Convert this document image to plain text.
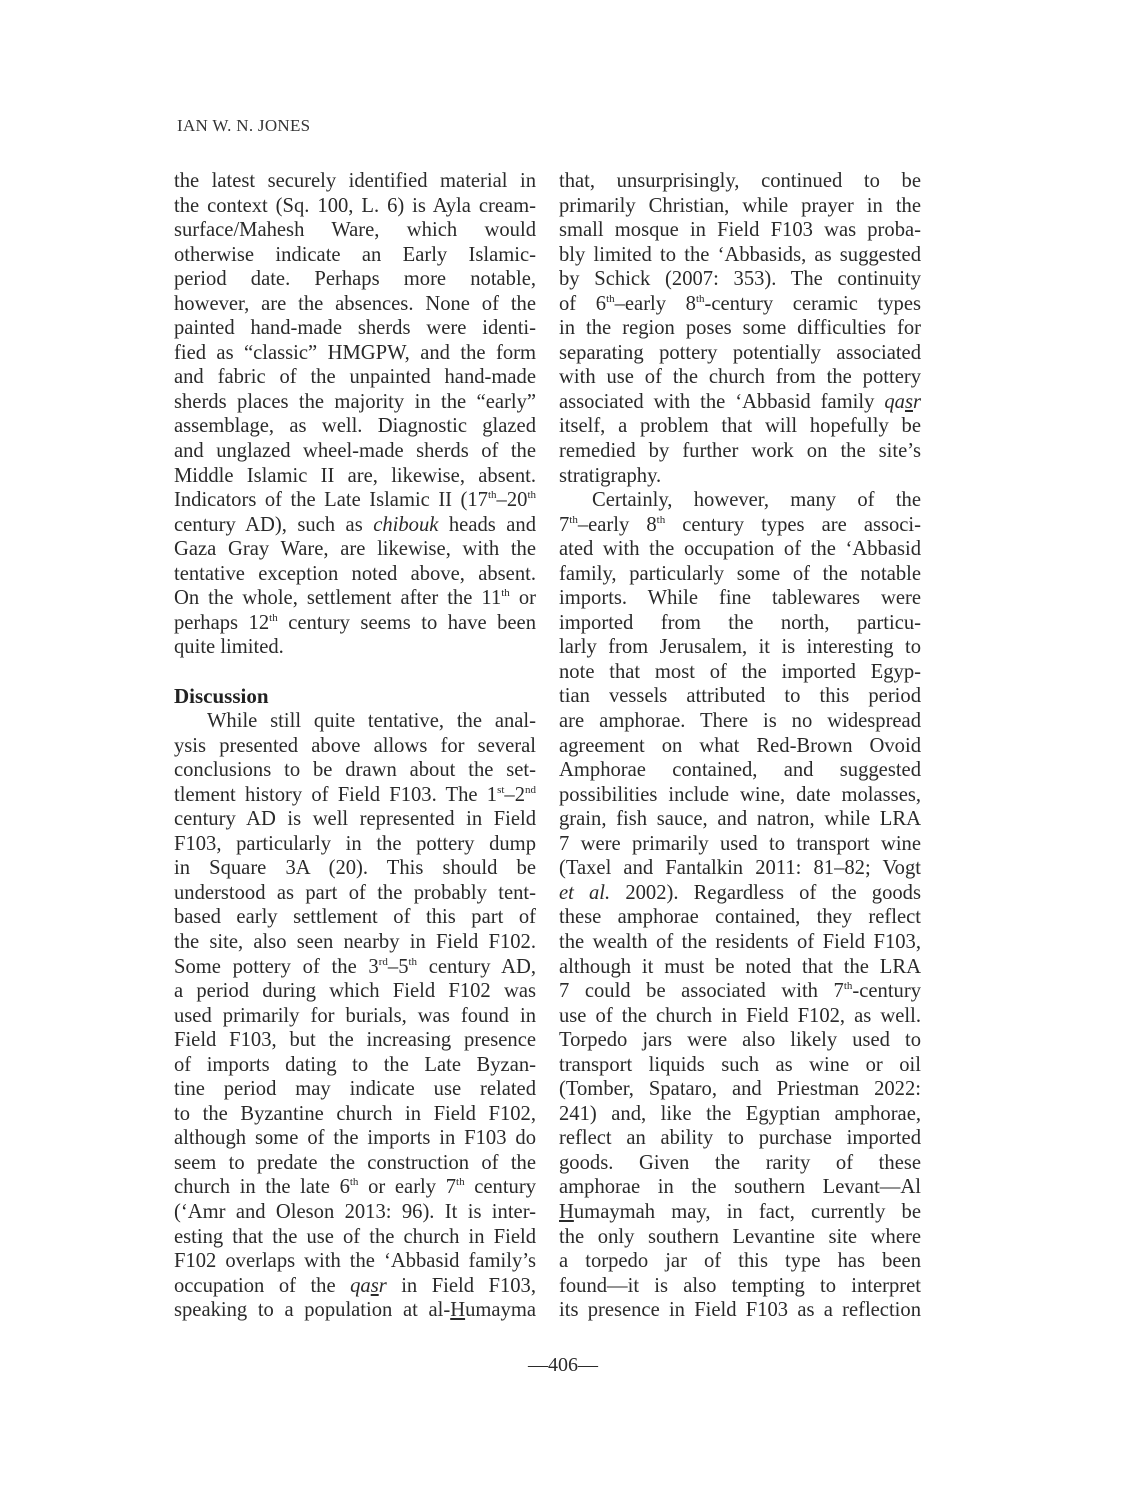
IAN W. N. JONES
the latest securely identified material in
the context (Sq. 100, L. 6) is Ayla cream-
surface/Mahesh Ware, which would
otherwise indicate an Early Islamic-
period date. Perhaps more notable,
however, are the absences. None of the
painted hand-made sherds were identi-
fied as “classic” HMGPW, and the form
and fabric of the unpainted hand-made
sherds places the majority in the “early”
assemblage, as well. Diagnostic glazed
and unglazed wheel-made sherds of the
Middle Islamic II are, likewise, absent.
Indicators of the Late Islamic II (17th–20th
century AD), such as chibouk heads and
Gaza Gray Ware, are likewise, with the
tentative exception noted above, absent.
On the whole, settlement after the 11th or
perhaps 12th century seems to have been
quite limited.
Discussion
While still quite tentative, the anal-
ysis presented above allows for several
conclusions to be drawn about the set-
tlement history of Field F103. The 1st–2nd
century AD is well represented in Field
F103, particularly in the pottery dump
in Square 3A (20). This should be
understood as part of the probably tent-
based early settlement of this part of
the site, also seen nearby in Field F102.
Some pottery of the 3rd–5th century AD,
a period during which Field F102 was
used primarily for burials, was found in
Field F103, but the increasing presence
of imports dating to the Late Byzan-
tine period may indicate use related
to the Byzantine church in Field F102,
although some of the imports in F103 do
seem to predate the construction of the
church in the late 6th or early 7th century
(‘Amr and Oleson 2013: 96). It is inter-
esting that the use of the church in Field
F102 overlaps with the ‘Abbasid family’s
occupation of the qasr in Field F103,
speaking to a population at al-Humayma
that, unsurprisingly, continued to be
primarily Christian, while prayer in the
small mosque in Field F103 was proba-
bly limited to the ‘Abbasids, as suggested
by Schick (2007: 353). The continuity
of 6th–early 8th-century ceramic types
in the region poses some difficulties for
separating pottery potentially associated
with use of the church from the pottery
associated with the ‘Abbasid family qasr
itself, a problem that will hopefully be
remedied by further work on the site’s
stratigraphy.
Certainly, however, many of the
7th–early 8th century types are associ-
ated with the occupation of the ‘Abbasid
family, particularly some of the notable
imports. While fine tablewares were
imported from the north, particu-
larly from Jerusalem, it is interesting to
note that most of the imported Egyp-
tian vessels attributed to this period
are amphorae. There is no widespread
agreement on what Red-Brown Ovoid
Amphorae contained, and suggested
possibilities include wine, date molasses,
grain, fish sauce, and natron, while LRA
7 were primarily used to transport wine
(Taxel and Fantalkin 2011: 81–82; Vogt
et al. 2002). Regardless of the goods
these amphorae contained, they reflect
the wealth of the residents of Field F103,
although it must be noted that the LRA
7 could be associated with 7th-century
use of the church in Field F102, as well.
Torpedo jars were also likely used to
transport liquids such as wine or oil
(Tomber, Spataro, and Priestman 2022:
241) and, like the Egyptian amphorae,
reflect an ability to purchase imported
goods. Given the rarity of these
amphorae in the southern Levant—Al
Humaymah may, in fact, currently be
the only southern Levantine site where
a torpedo jar of this type has been
found—it is also tempting to interpret
its presence in Field F103 as a reflection
—406—
